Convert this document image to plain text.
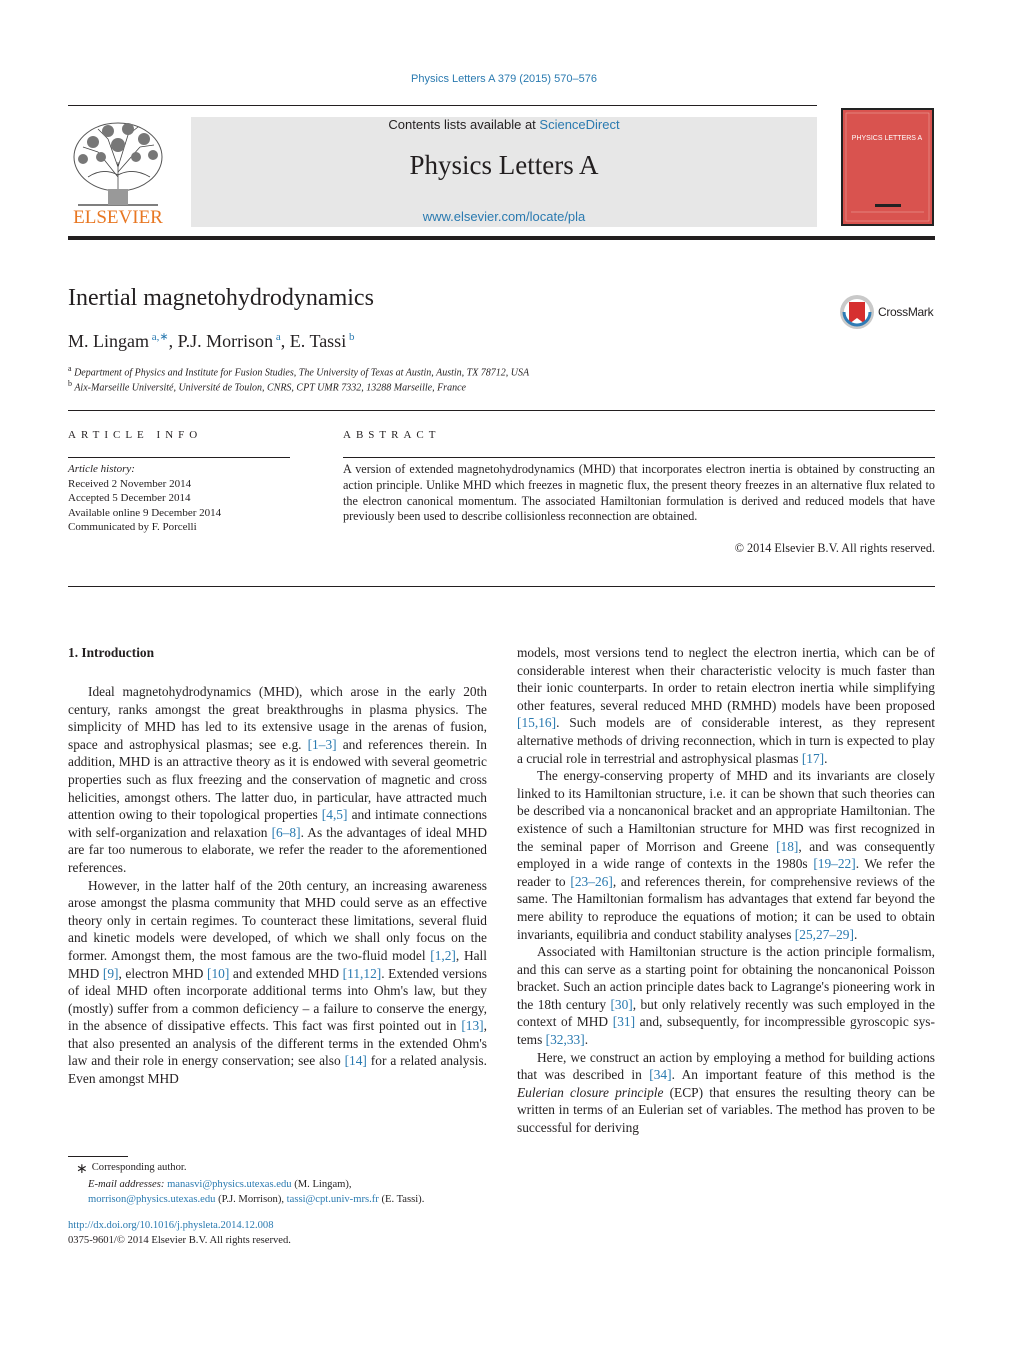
Physics Letters A 379 (2015) 570–576
ELSEVIER
Contents lists available at ScienceDirect
Physics Letters A
www.elsevier.com/locate/pla
PHYSICS LETTERS A
Inertial magnetohydrodynamics
CrossMark
M. Lingam $^{a,∗}$, P.J. Morrison $^a$, E. Tassi $^b$
$^a$ Department of Physics and Institute for Fusion Studies, The University of Texas at Austin, Austin, TX 78712, USA
$^b$ Aix-Marseille Université, Université de Toulon, CNRS, CPT UMR 7332, 13288 Marseille, France
ARTICLE INFO	ABSTRACT
Article history:
Received 2 November 2014
Accepted 5 December 2014
Available online 9 December 2014
Communicated by F. Porcelli
A version of extended magnetohydrodynamics (MHD) that incorporates electron inertia is obtained by constructing an action principle. Unlike MHD which freezes in magnetic flux, the present theory freezes in an alternative flux related to the electron canonical momentum. The associated Hamiltonian formulation is derived and reduced models that have previously been used to describe collisionless reconnection are obtained.
© 2014 Elsevier B.V. All rights reserved.
1. Introduction

Ideal magnetohydrodynamics (MHD), which arose in the early 20th century, ranks amongst the great breakthroughs in plasma physics. The simplicity of MHD has led to its extensive usage in the arenas of fusion, space and astrophysical plasmas; see e.g. [1–3] and references therein. In addition, MHD is an attractive theory as it is endowed with several geometric properties such as flux freezing and the conservation of magnetic and cross helicities, amongst others. The latter duo, in particular, have attracted much attention owing to their topological properties [4,5] and intimate connections with self-organization and relaxation [6–8]. As the advantages of ideal MHD are far too numerous to elaborate, we refer the reader to the aforementioned references.

However, in the latter half of the 20th century, an increasing awareness arose amongst the plasma community that MHD could serve as an effective theory only in certain regimes. To counteract these limitations, several fluid and kinetic models were developed, of which we shall only focus on the former. Amongst them, the most famous are the two-fluid model [1,2], Hall MHD [9], electron MHD [10] and extended MHD [11,12]. Extended versions of ideal MHD often incorporate additional terms into Ohm's law, but they (mostly) suffer from a common deficiency – a failure to conserve the energy, in the absence of dissipative effects. This fact was first pointed out in [13], that also presented an analysis of the different terms in the extended Ohm's law and their role in energy conservation; see also [14] for a related analysis. Even amongst MHD

models, most versions tend to neglect the electron inertia, which can be of considerable interest when their characteristic velocity is much faster than their ionic counterparts. In order to retain electron inertia while simplifying other features, several reduced MHD (RMHD) models have been proposed [15,16]. Such models are of considerable interest, as they represent alternative methods of driving reconnection, which in turn is expected to play a crucial role in terrestrial and astrophysical plasmas [17].

The energy-conserving property of MHD and its invariants are closely linked to its Hamiltonian structure, i.e. it can be shown that such theories can be described via a noncanonical bracket and an appropriate Hamiltonian. The existence of such a Hamiltonian structure for MHD was first recognized in the seminal paper of Morrison and Greene [18], and was consequently employed in a wide range of contexts in the 1980s [19–22]. We refer the reader to [23–26], and references therein, for comprehensive reviews of the same. The Hamiltonian formalism has advantages that extend far beyond the mere ability to reproduce the equations of motion; it can be used to obtain invariants, equilibria and conduct stability analyses [25,27–29].

Associated with Hamiltonian structure is the action principle formalism, and this can serve as a starting point for obtaining the noncanonical Poisson bracket. Such an action principle dates back to Lagrange's pioneering work in the 18th century [30], but only relatively recently was such employed in the context of MHD [31] and, subsequently, for incompressible gyroscopic systems [32,33].

Here, we construct an action by employing a method for building actions that was described in [34]. An important feature of this method is the Eulerian closure principle (ECP) that ensures the resulting theory can be written in terms of an Eulerian set of variables. The method has proven to be successful for deriving

∗ Corresponding author.
E-mail addresses: manasvi@physics.utexas.edu (M. Lingam),
morrison@physics.utexas.edu (P.J. Morrison), tassi@cpt.univ-mrs.fr (E. Tassi).
http://dx.doi.org/10.1016/j.physleta.2014.12.008
0375-9601/© 2014 Elsevier B.V. All rights reserved.
